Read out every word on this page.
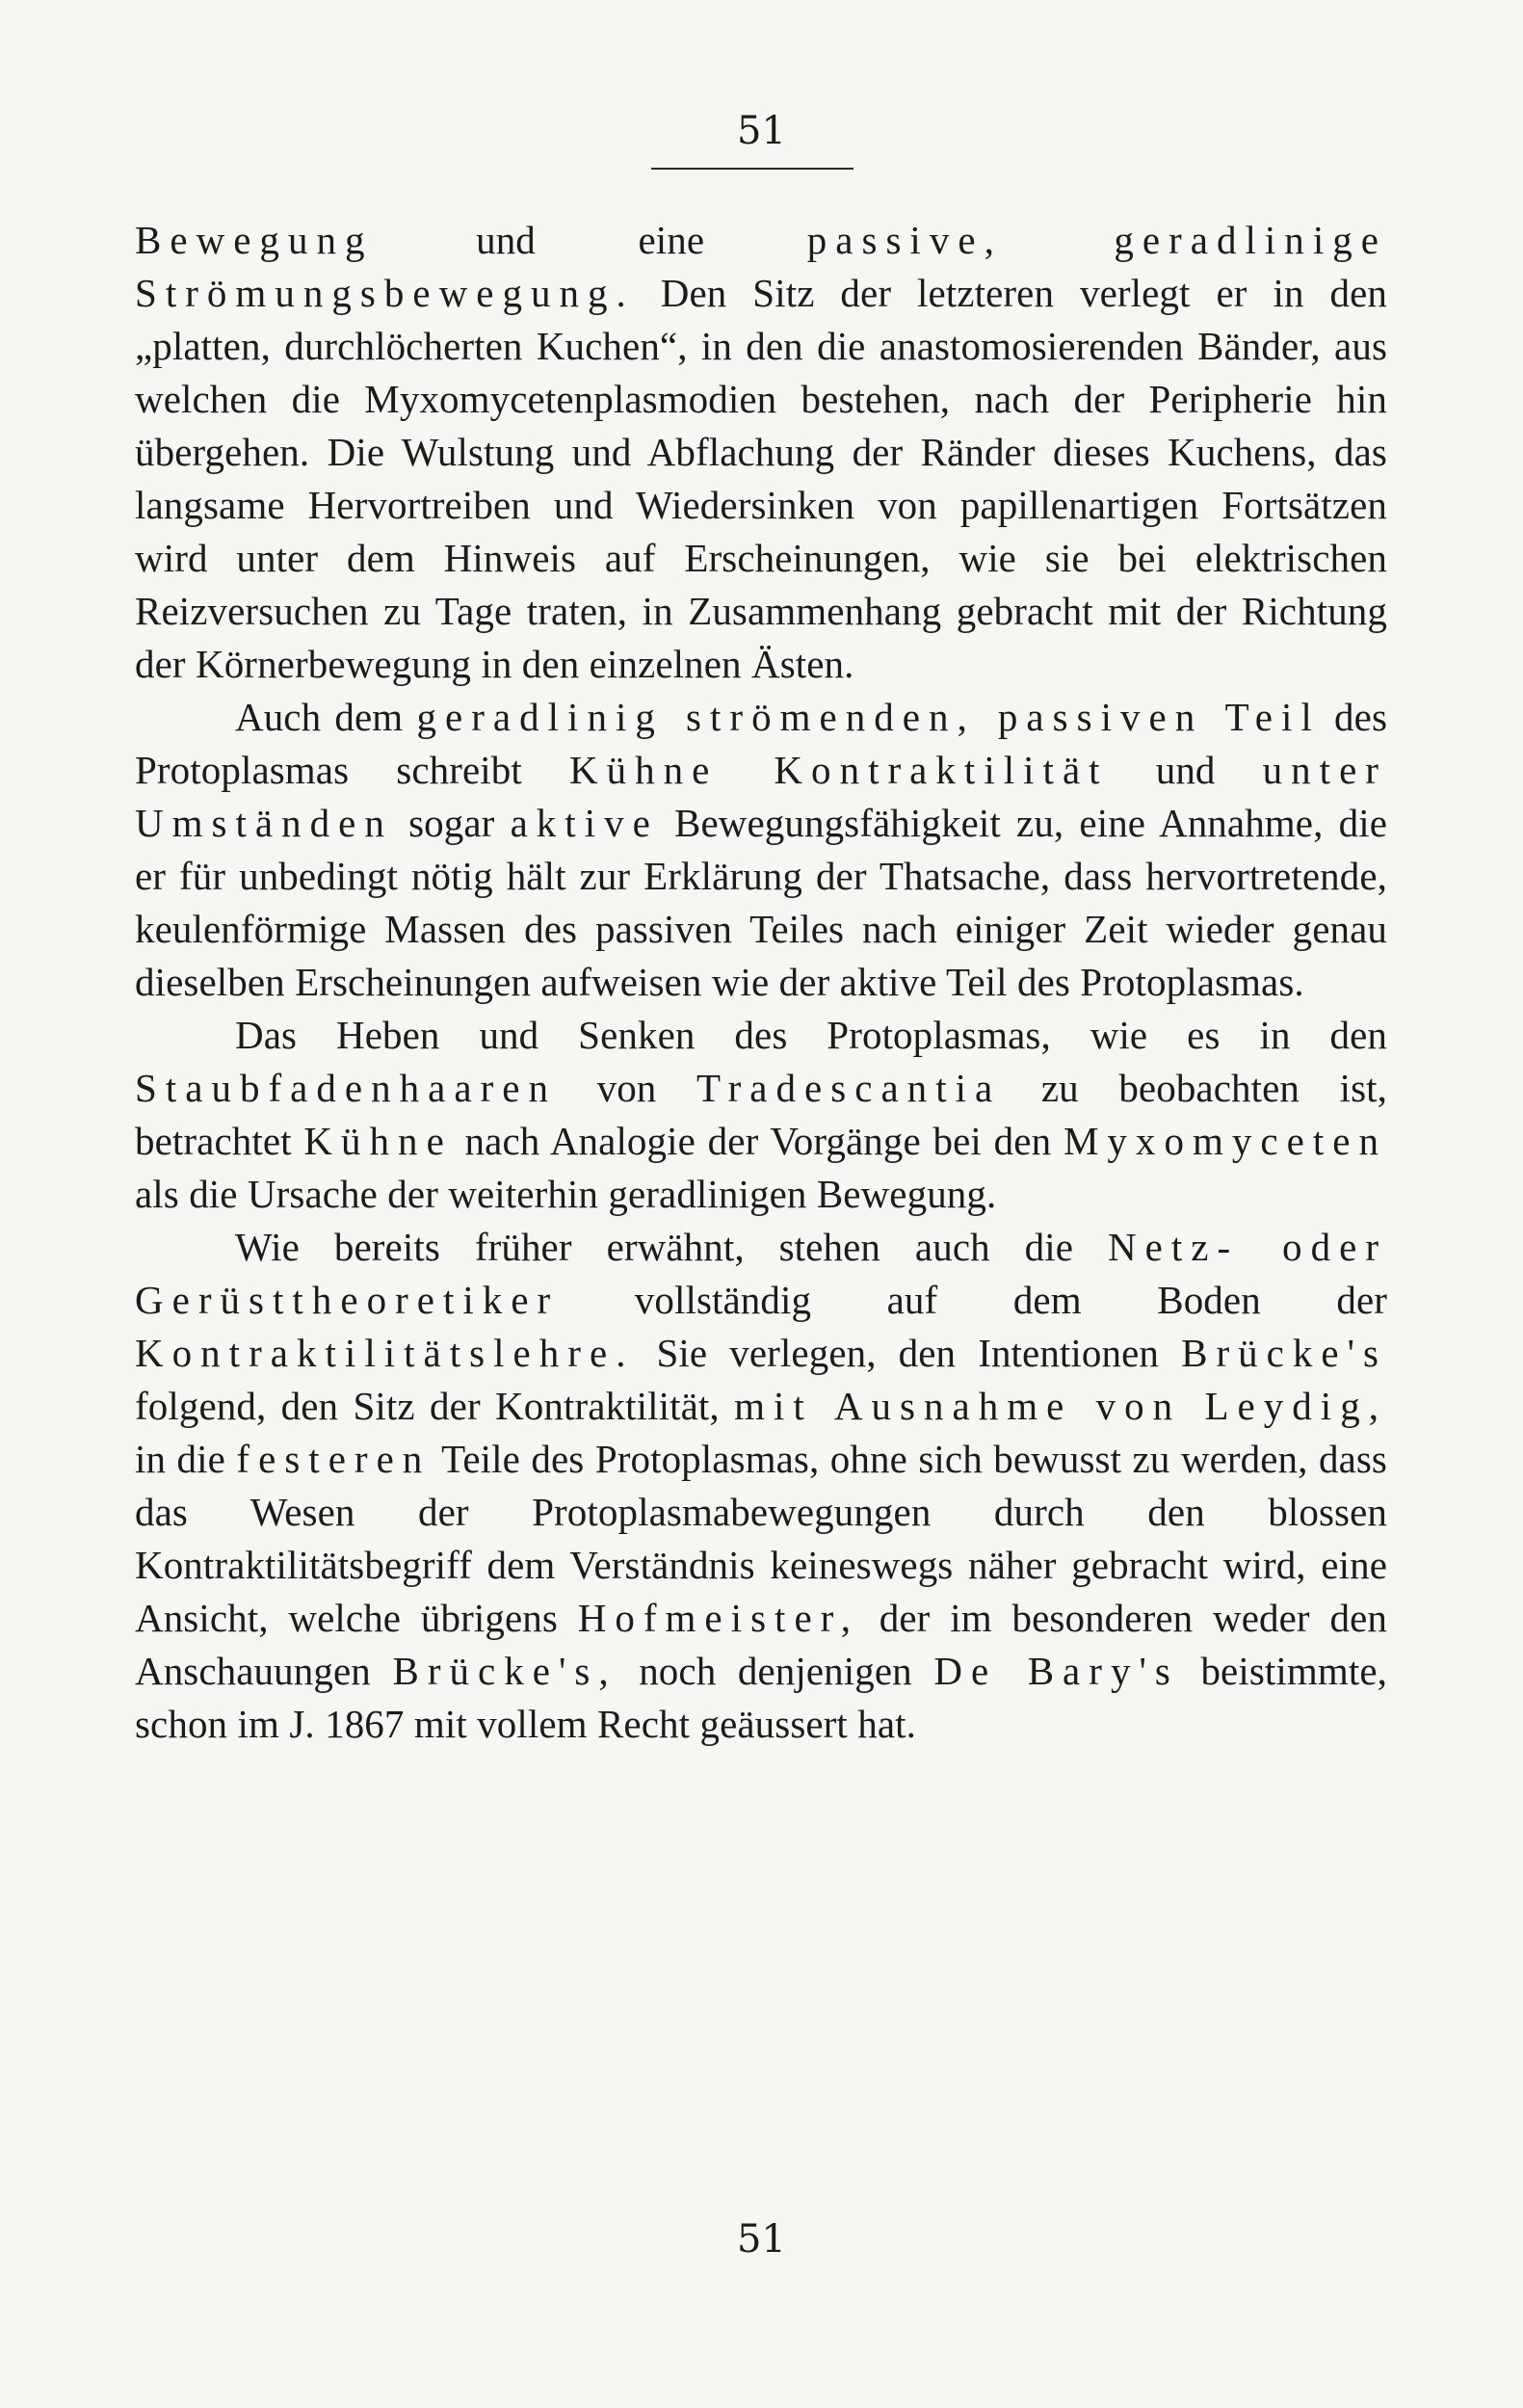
51

Bewegung und eine passive, geradlinige Strömungsbewegung. Den Sitz der letzteren verlegt er in den „platten, durchlöcherten Kuchen“, in den die anastomosierenden Bänder, aus welchen die Myxomycetenplasmodien bestehen, nach der Peripherie hin übergehen. Die Wulstung und Abflachung der Ränder dieses Kuchens, das langsame Hervortreiben und Wiedersinken von papillenartigen Fortsätzen wird unter dem Hinweis auf Erscheinungen, wie sie bei elektrischen Reizversuchen zu Tage traten, in Zusammenhang gebracht mit der Richtung der Körnerbewegung in den einzelnen Ästen.

Auch dem geradlinig strömenden, passiven Teil des Protoplasmas schreibt Kühne Kontraktilität und unter Umständen sogar aktive Bewegungsfähigkeit zu, eine Annahme, die er für unbedingt nötig hält zur Erklärung der Thatsache, dass hervortretende, keulenförmige Massen des passiven Teiles nach einiger Zeit wieder genau dieselben Erscheinungen aufweisen wie der aktive Teil des Protoplasmas.

Das Heben und Senken des Protoplasmas, wie es in den Staubfadenhaaren von Tradescantia zu beobachten ist, betrachtet Kühne nach Analogie der Vorgänge bei den Myxomyceten als die Ursache der weiterhin geradlinigen Bewegung.

Wie bereits früher erwähnt, stehen auch die Netz- oder Gerüsttheoretiker vollständig auf dem Boden der Kontraktilitätslehre. Sie verlegen, den Intentionen Brücke's folgend, den Sitz der Kontraktilität, mit Ausnahme von Leydig, in die festeren Teile des Protoplasmas, ohne sich bewusst zu werden, dass das Wesen der Protoplasmabewegungen durch den blossen Kontraktilitätsbegriff dem Verständnis keineswegs näher gebracht wird, eine Ansicht, welche übrigens Hofmeister, der im besonderen weder den Anschauungen Brücke's, noch denjenigen De Bary's beistimmte, schon im J. 1867 mit vollem Recht geäussert hat.

51
